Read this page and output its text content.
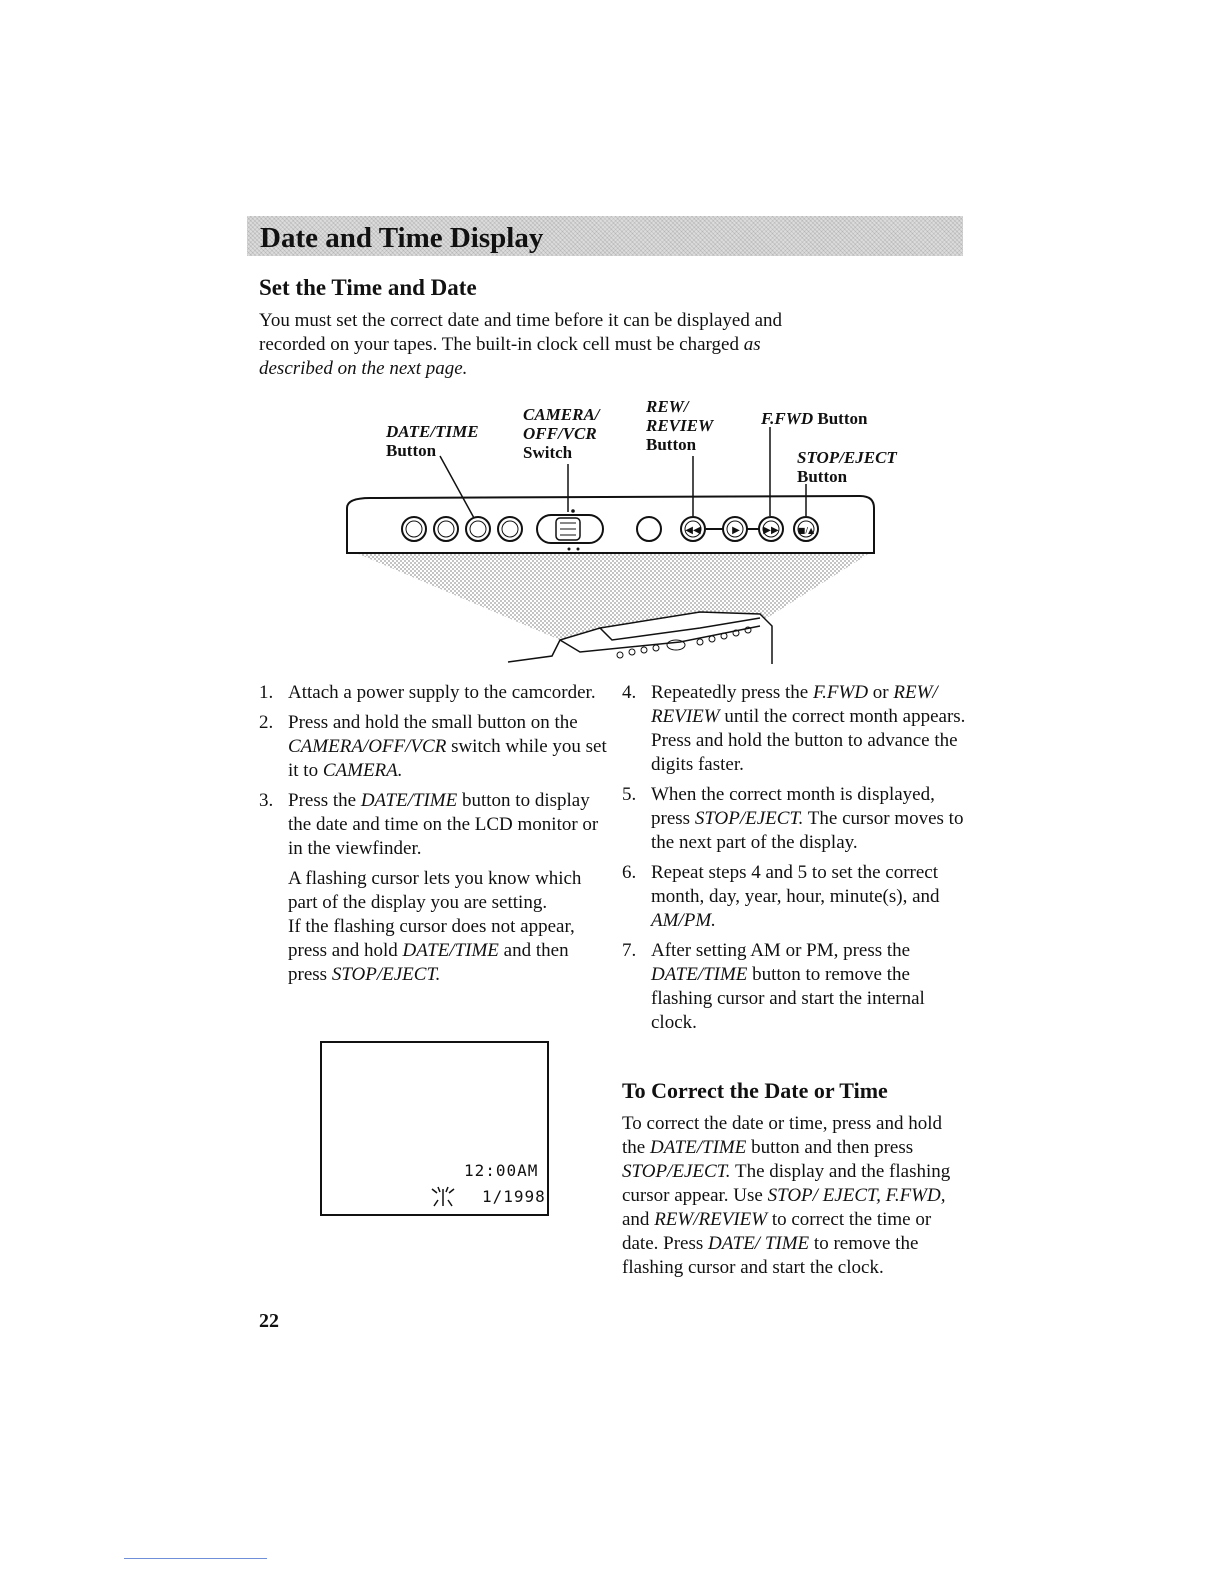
Date and Time Display
Set the Time and Date
You must set the correct date and time before it can be displayed and recorded on your tapes. The built-in clock cell must be charged as described on the next page.
DATE/TIME
Button
CAMERA/
OFF/VCR
Switch
REW/
REVIEW
Button
F.FWD Button
STOP/EJECT
Button
◀◀	▶ ▶▶ ■/▲
1. Attach a power supply to the camcorder.
2. Press and hold the small button on the CAMERA/OFF/VCR switch while you set it to CAMERA.
3. Press the DATE/TIME button to display the date and time on the LCD monitor or in the viewfinder.

A flashing cursor lets you know which part of the display you are setting.

If the flashing cursor does not appear, press and hold DATE/TIME and then press STOP/EJECT.

4. Repeatedly press the F.FWD or REW/ REVIEW until the correct month appears. Press and hold the button to advance the digits faster.
5. When the correct month is displayed, press STOP/EJECT. The cursor moves to the next part of the display.
6. Repeat steps 4 and 5 to set the correct month, day, year, hour, minute(s), and AM/PM.
7. After setting AM or PM, press the DATE/TIME button to remove the flashing cursor and start the internal clock.
12:00AM
1/1998
To Correct the Date or Time
To correct the date or time, press and hold the DATE/TIME button and then press STOP/EJECT. The display and the flashing cursor appear. Use STOP/ EJECT, F.FWD, and REW/REVIEW to correct the time or date. Press DATE/ TIME to remove the flashing cursor and start the clock.
22
